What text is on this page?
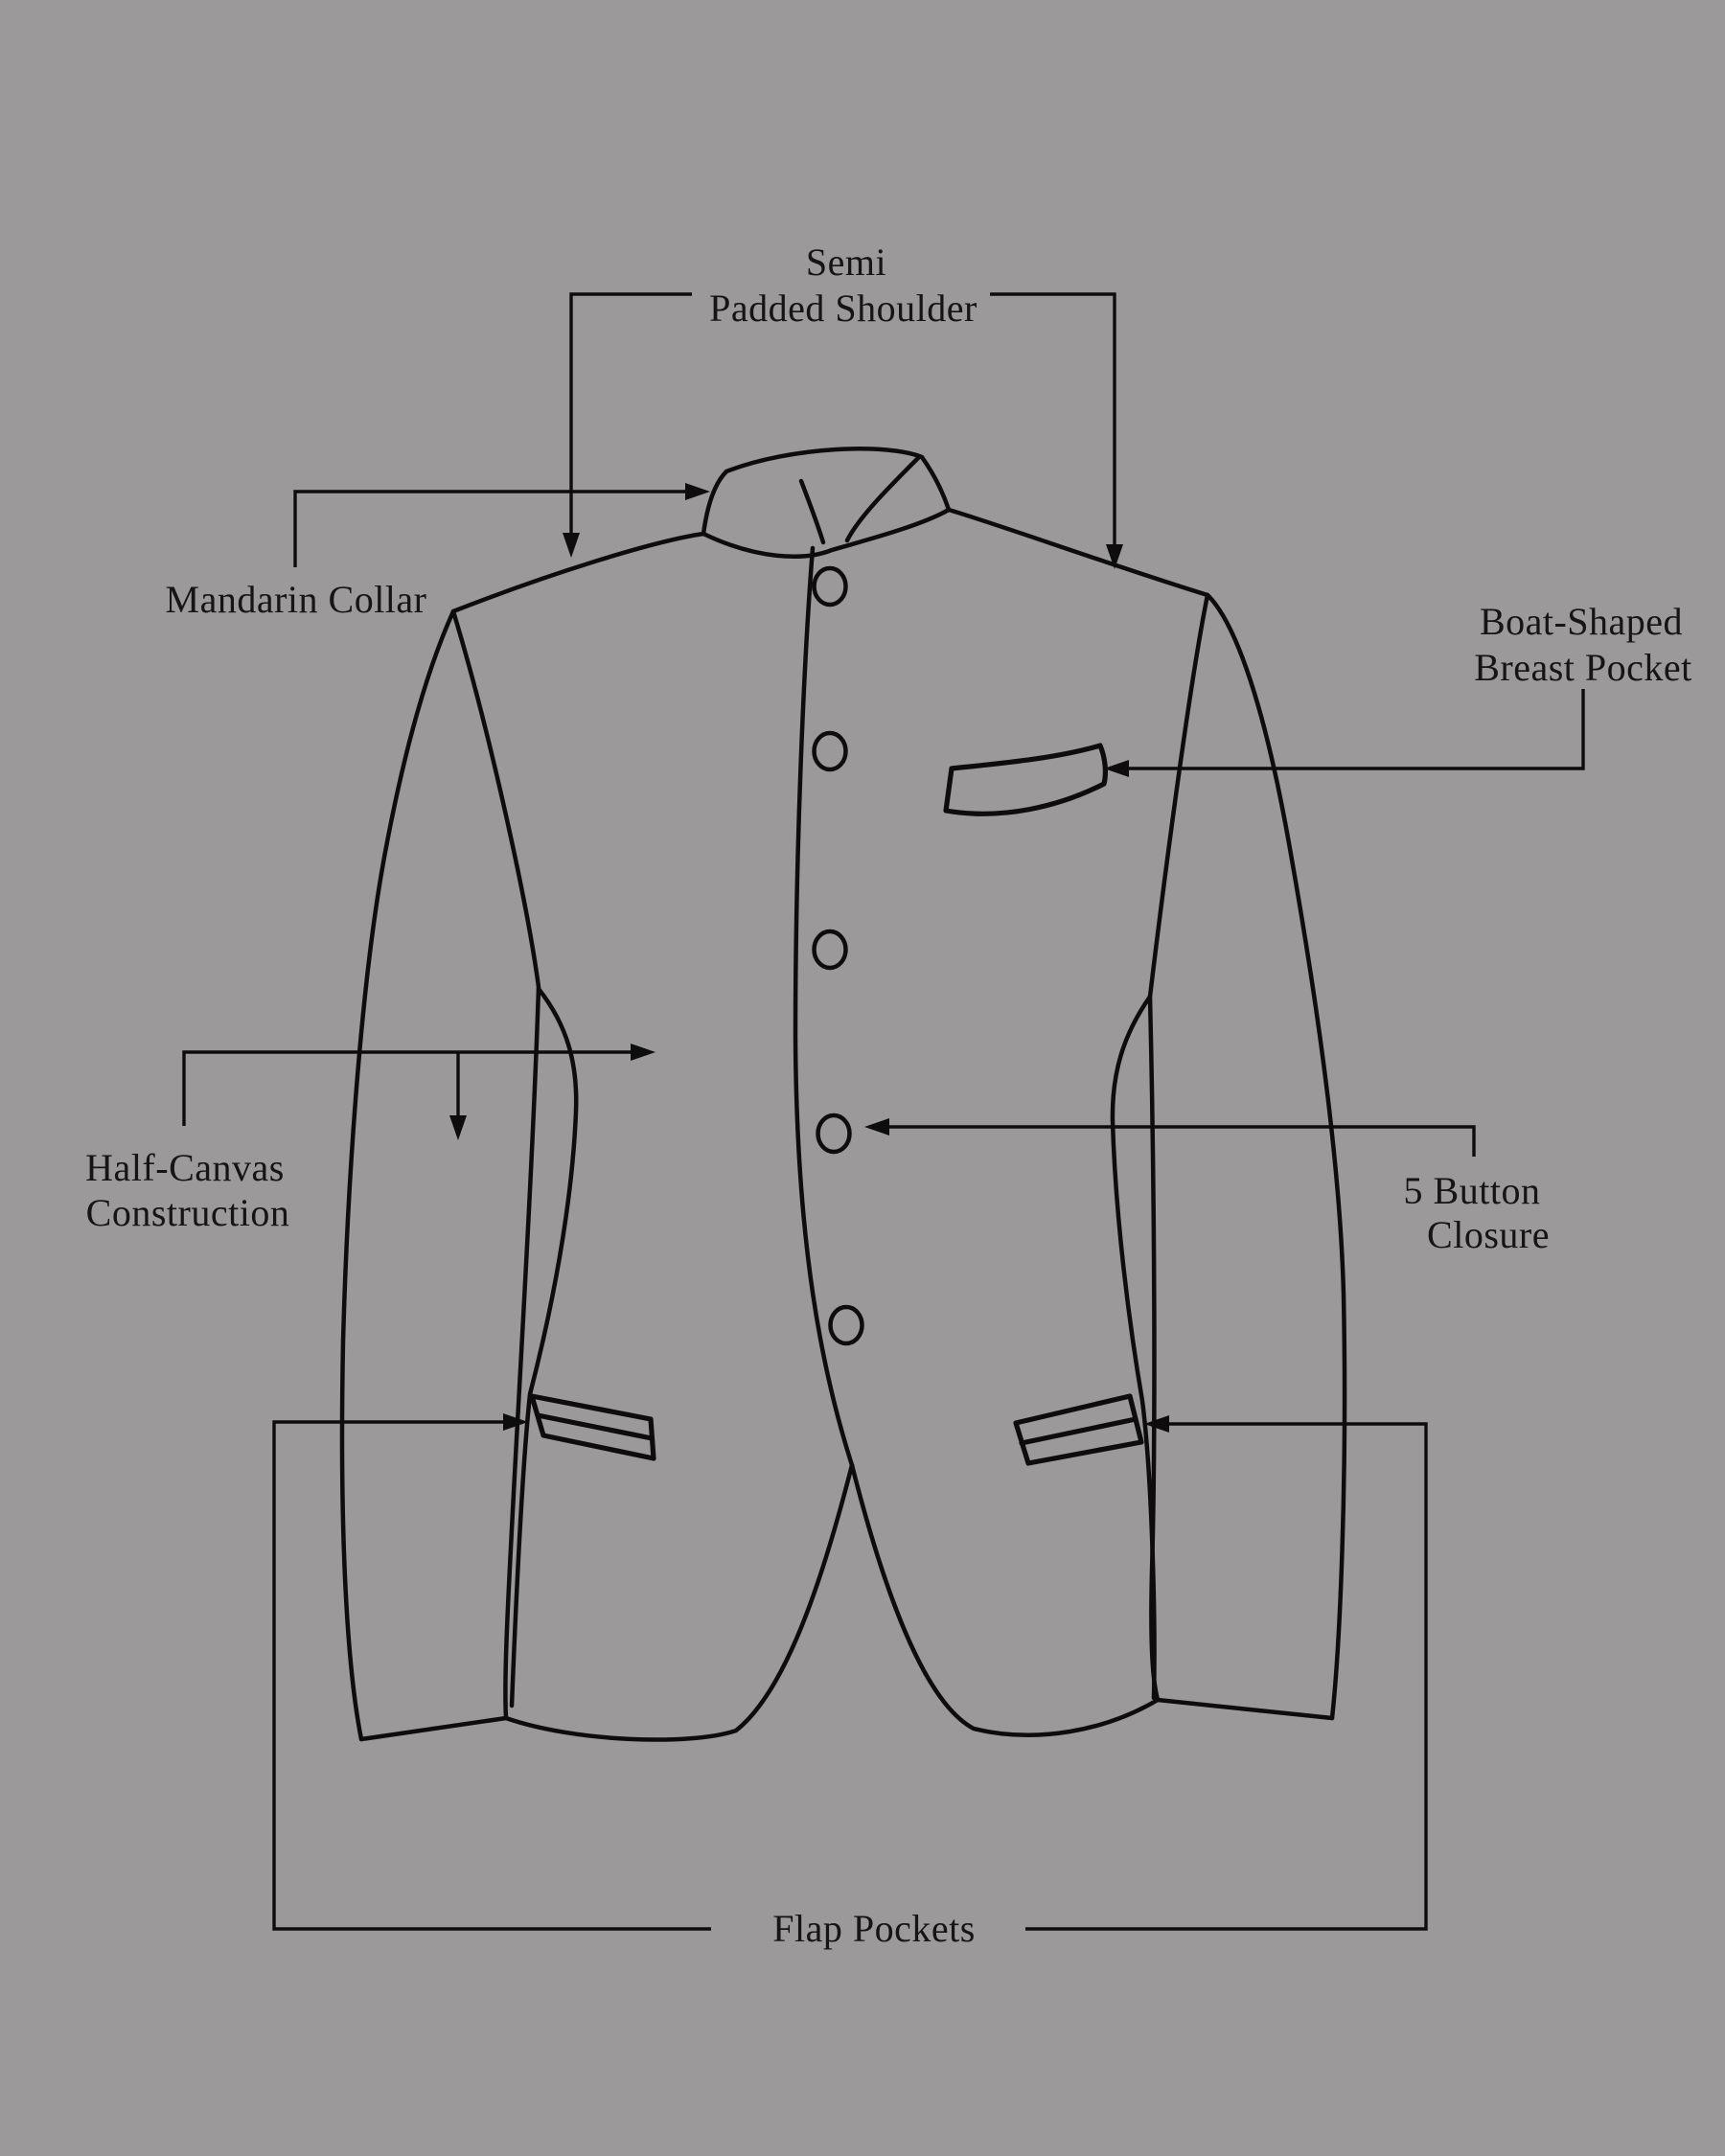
Semi
Padded Shoulder
Mandarin Collar
Boat-Shaped
Breast Pocket
Half-Canvas
Construction
5 Button
Closure
Flap Pockets
